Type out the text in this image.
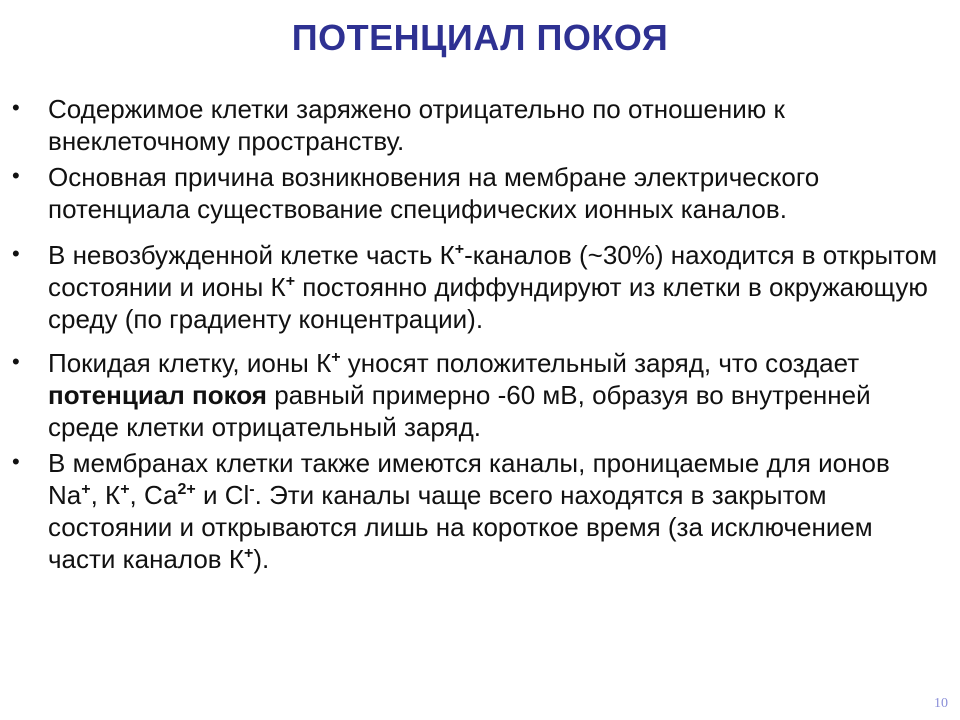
ПОТЕНЦИАЛ ПОКОЯ
•	Содержимое клетки заряжено отрицательно по отношению к внеклеточному пространству.
•	Основная причина возникновения на мембране электрического потенциала существование специфических ионных каналов.
•	В невозбужденной клетке часть К+-каналов (~30%) находится в открытом состоянии и ионы К+ постоянно диффундируют из клетки в окружающую среду (по градиенту концентрации).
•	Покидая клетку, ионы К+ уносят положительный заряд, что создает потенциал покоя равный примерно -60 мВ, образуя во внутренней среде клетки отрицательный заряд.
•	В мембранах клетки также имеются каналы, проницаемые для ионов Na+, К+, $Са^{2+}$ и Cl-. Эти каналы чаще всего находятся в закрытом состоянии и открываются лишь на короткое время (за исключением части каналов К+).
10
